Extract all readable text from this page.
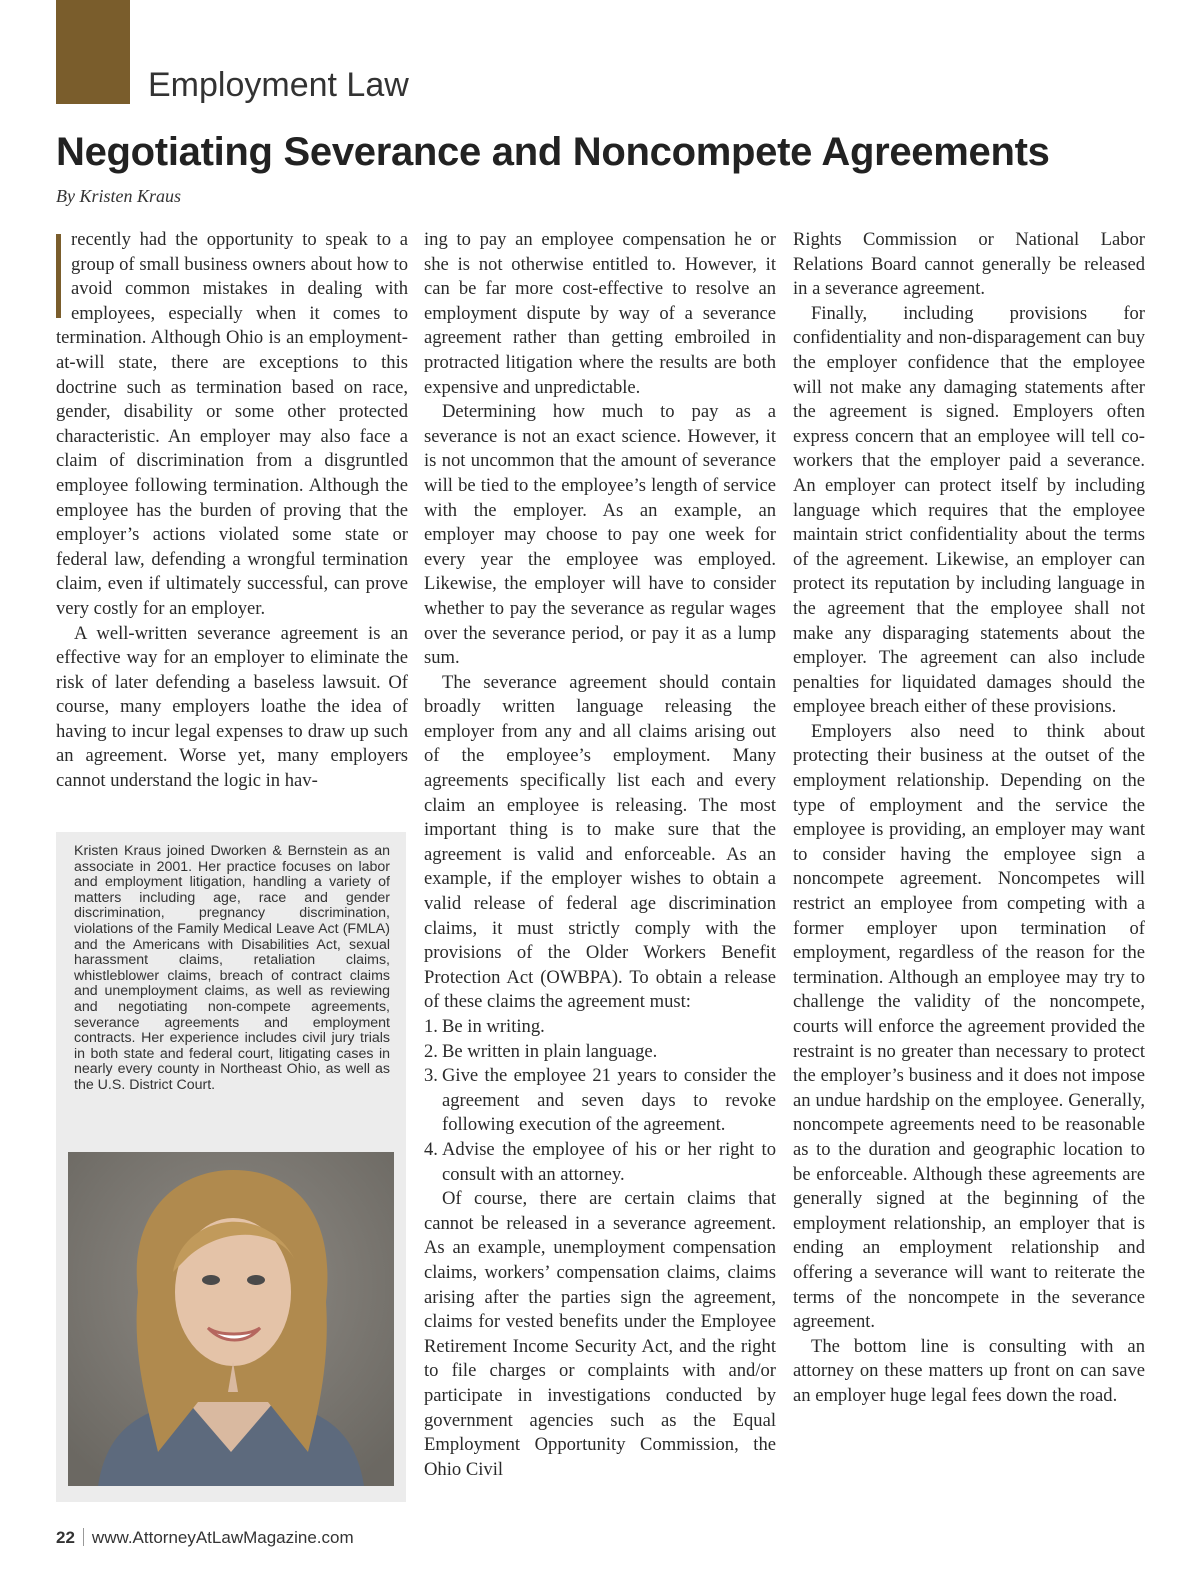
Employment Law
Negotiating Severance and Noncompete Agreements
By Kristen Kraus

recently had the opportunity to speak to a group of small business owners about how to avoid common mistakes in dealing with employees, especially when it comes to termination. Although Ohio is an employment-at-will state, there are exceptions to this doctrine such as termination based on race, gender, disability or some other protected characteristic. An employer may also face a claim of discrimination from a disgruntled employee following termination. Although the employee has the burden of proving that the employer’s actions violated some state or federal law, defending a wrongful termination claim, even if ultimately successful, can prove very costly for an employer.

A well-written severance agreement is an effective way for an employer to eliminate the risk of later defending a baseless lawsuit. Of course, many employers loathe the idea of having to incur legal expenses to draw up such an agreement. Worse yet, many employers cannot understand the logic in hav-

Kristen Kraus joined Dworken & Bernstein as an associate in 2001. Her practice focuses on labor and employment litigation, handling a variety of matters including age, race and gender discrimination, pregnancy discrimination, violations of the Family Medical Leave Act (FMLA) and the Americans with Disabilities Act, sexual harassment claims, retaliation claims, whistleblower claims, breach of contract claims and unemployment claims, as well as reviewing and negotiating non-compete agreements, severance agreements and employment contracts. Her experience includes civil jury trials in both state and federal court, litigating cases in nearly every county in Northeast Ohio, as well as the U.S. District Court.

ing to pay an employee compensation he or she is not otherwise entitled to. However, it can be far more cost-effective to resolve an employment dispute by way of a severance agreement rather than getting embroiled in protracted litigation where the results are both expensive and unpredictable.

Determining how much to pay as a severance is not an exact science. However, it is not uncommon that the amount of severance will be tied to the employee’s length of service with the employer. As an example, an employer may choose to pay one week for every year the employee was employed. Likewise, the employer will have to consider whether to pay the severance as regular wages over the severance period, or pay it as a lump sum.

The severance agreement should contain broadly written language releasing the employer from any and all claims arising out of the employee’s employment. Many agreements specifically list each and every claim an employee is releasing. The most important thing is to make sure that the agreement is valid and enforceable. As an example, if the employer wishes to obtain a valid release of federal age discrimination claims, it must strictly comply with the provisions of the Older Workers Benefit Protection Act (OWBPA). To obtain a release of these claims the agreement must:

1. Be in writing.
2. Be written in plain language.
3. Give the employee 21 years to consider the agreement and seven days to revoke following execution of the agreement.
4. Advise the employee of his or her right to consult with an attorney.

Of course, there are certain claims that cannot be released in a severance agreement. As an example, unemployment compensation claims, workers’ compensation claims, claims arising after the parties sign the agreement, claims for vested benefits under the Employee Retirement Income Security Act, and the right to file charges or complaints with and/or participate in investigations conducted by government agencies such as the Equal Employment Opportunity Commission, the Ohio Civil

Rights Commission or National Labor Relations Board cannot generally be released in a severance agreement.

Finally, including provisions for confidentiality and non-disparagement can buy the employer confidence that the employee will not make any damaging statements after the agreement is signed. Employers often express concern that an employee will tell co-workers that the employer paid a severance. An employer can protect itself by including language which requires that the employee maintain strict confidentiality about the terms of the agreement. Likewise, an employer can protect its reputation by including language in the agreement that the employee shall not make any disparaging statements about the employer. The agreement can also include penalties for liquidated damages should the employee breach either of these provisions.

Employers also need to think about protecting their business at the outset of the employment relationship. Depending on the type of employment and the service the employee is providing, an employer may want to consider having the employee sign a noncompete agreement. Noncompetes will restrict an employee from competing with a former employer upon termination of employment, regardless of the reason for the termination. Although an employee may try to challenge the validity of the noncompete, courts will enforce the agreement provided the restraint is no greater than necessary to protect the employer’s business and it does not impose an undue hardship on the employee. Generally, noncompete agreements need to be reasonable as to the duration and geographic location to be enforceable. Although these agreements are generally signed at the beginning of the employment relationship, an employer that is ending an employment relationship and offering a severance will want to reiterate the terms of the noncompete in the severance agreement.

The bottom line is consulting with an attorney on these matters up front on can save an employer huge legal fees down the road.

22 www.AttorneyAtLawMagazine.com
